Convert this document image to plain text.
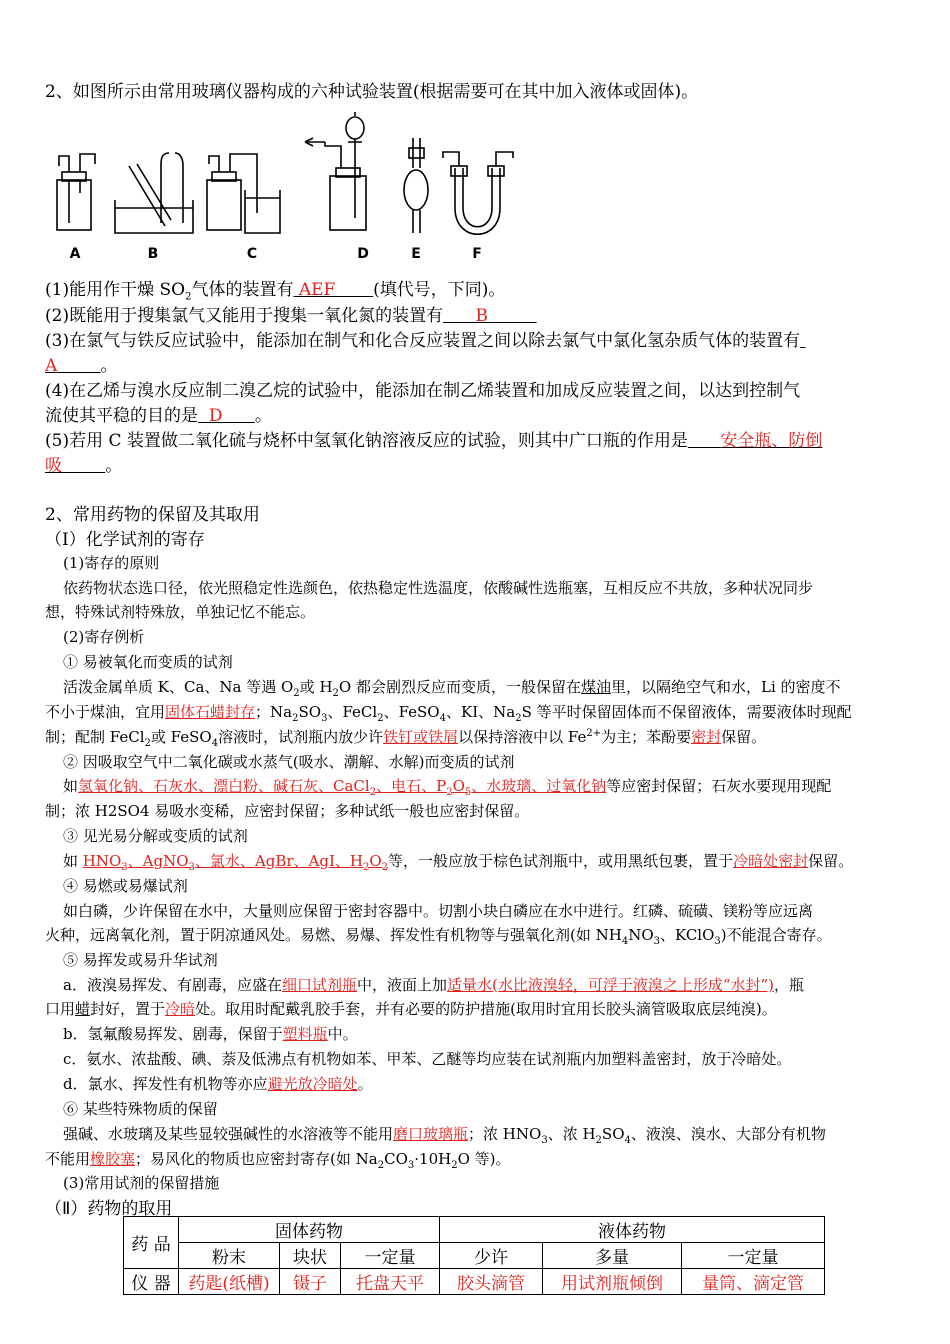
2、如图所示由常用玻璃仪器构成的六种试验装置(根据需要可在其中加入液体或固体)。
A	B	C	D	E	F
(1)能用作干燥 $SO_2$气体的装置有 AEF (填代号，下同)。
(2)既能用于搜集氯气又能用于搜集一氧化氮的装置有 B
(3)在氯气与铁反应试验中，能添加在制气和化合反应装置之间以除去氯气中氯化氢杂质气体的装置有
A	。
(4)在乙烯与溴水反应制二溴乙烷的试验中，能添加在制乙烯装置和加成反应装置之间，以达到控制气
流使其平稳的目的是 D 。
(5)若用 C 装置做二氧化硫与烧杯中氢氧化钠溶液反应的试验，则其中广口瓶的作用是 安全瓶、防倒
吸	。
2、常用药物的保留及其取用
（Ⅰ）化学试剂的寄存
(1)寄存的原则
依药物状态选口径，依光照稳定性选颜色，依热稳定性选温度，依酸碱性选瓶塞，互相反应不共放，多种状况同步
想，特殊试剂特殊放，单独记忆不能忘。
(2)寄存例析
① 易被氧化而变质的试剂
活泼金属单质 K、Ca、Na 等遇 $O_2$或 $H_2O$ 都会剧烈反应而变质，一般保留在煤油里，以隔绝空气和水，Li 的密度不
不小于煤油，宜用固体石蜡封存；$Na_2SO_3$、FeCl$_2$、FeSO$_4$、KI、$Na_2S$ 等平时保留固体而不保留液体，需要液体时现配
制；配制 FeCl$_2$或 FeSO$_4$溶液时，试剂瓶内放少许铁钉或铁屑以保持溶液中以 $Fe^{2+}$为主；苯酚要密封保留。
② 因吸取空气中二氧化碳或水蒸气(吸水、潮解、水解)而变质的试剂
如氢氧化钠、石灰水、漂白粉、碱石灰、CaCl$_2$、电石、$P_2O_5$、水玻璃、过氧化钠等应密封保留；石灰水要现用现配
制；浓 H2SO4 易吸水变稀，应密封保留；多种试纸一般也应密封保留。
③ 见光易分解或变质的试剂
如 $HNO_3$、AgNO$_3$、氯水、AgBr、AgI、$H_2O_2$等，一般应放于棕色试剂瓶中，或用黑纸包裹，置于冷暗处密封保留。
④ 易燃或易爆试剂
如白磷，少许保留在水中，大量则应保留于密封容器中。切割小块白磷应在水中进行。红磷、硫磺、镁粉等应远离
火种，远离氧化剂，置于阴凉通风处。易燃、易爆、挥发性有机物等与强氧化剂(如 $NH_4NO_3$、KClO$_3$)不能混合寄存。
⑤ 易挥发或易升华试剂
a．液溴易挥发、有剧毒，应盛在细口试剂瓶中，液面上加适量水(水比液溴轻，可浮于液溴之上形成“水封”)，瓶
口用蜡封好，置于冷暗处。取用时配戴乳胶手套，并有必要的防护措施(取用时宜用长胶头滴管吸取底层纯溴)。
b．氢氟酸易挥发、剧毒，保留于塑料瓶中。
c．氨水、浓盐酸、碘、萘及低沸点有机物如苯、甲苯、乙醚等均应装在试剂瓶内加塑料盖密封，放于冷暗处。
d．氯水、挥发性有机物等亦应避光放冷暗处。
⑥ 某些特殊物质的保留
强碱、水玻璃及某些显较强碱性的水溶液等不能用磨口玻璃瓶；浓 $HNO_3$、浓 $H_2SO_4$、液溴、溴水、大部分有机物
不能用橡胶塞；易风化的物质也应密封寄存(如 $Na_2CO_3\cdot 10H_2O$ 等)。
(3)常用试剂的保留措施
（Ⅱ）药物的取用
药 品	固体药物			液体药物		
	粉末	块状	一定量	少许	多量	一定量
仪 器	药匙(纸槽)	镊子	托盘天平	胶头滴管	用试剂瓶倾倒	量筒、滴定管
